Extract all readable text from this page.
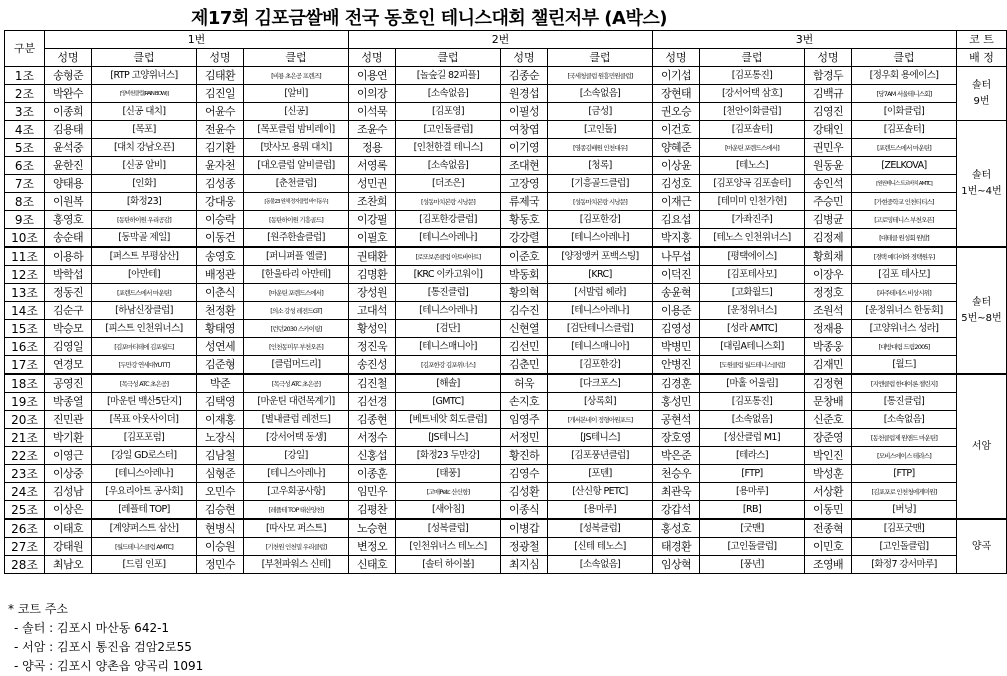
제17회 김포금쌀배 전국 동호인 테니스대회 챌린저부 (A박스)
구분	1번				2번				3번				코 트
	성명	클럽	성명	클럽	성명	클럽	성명	클럽	성명	클럽	성명	클럽	배 정
1조	송형준	[RTP 고양위너스]	김태환	[비룡 초은공 프렌즈]	이용연	[놀숲길 82피플]	김종순	[국세청클럽 원흥민원클럽]	이기섭	[김포통진]	함경두	[정우회 용에이스]	솔터
9번
2조	박완수	[양비원클럽(RAIN BOW)]	김진일	[알비]	이의장	[소속없음]	원경섭	[소속없음]	장현태	[강서어택 삼호]	김백규	[당7AM 서울테니스회]	
3조	이종희	[신공 대치]	어윤수	[신공]	이석묵	[김포영]	이필성	[금성]	권오승	[천안이화클럽]	김영진	[이화클럽]	
4조	김용태	[목포]	전윤수	[목포클럽 밤비레이]	조윤수	[고인돌클럽]	여창엽	[고인돌]	이건호	[김포솔터]	강태인	[김포솔터]	솔터
1번~4번
5조	윤석중	[대치 강남오픈]	김기환	[맛사모 용뭐 대치]	정용	[인천한결 테니스]	이기영	[영종김배원 인천대우]	양혜준	[마운틴 포렌드스에서]	권민우	[포렌드스에서 마운틴]	
6조	윤한진	[신공 알비]	윤자천	[대오클럽 알비클럽]	서영록	[소속없음]	조대현	[청록]	이상윤	[테노스]	원동윤	[ZELKOVA]	
7조	양태용	[인화]	김성종	[춘천클럽]	성민권	[더조은]	고장영	[기흥골드클럽]	김성호	[김포양곡 김포솔터]	송인석	[원원테니스 트르바치 AMTC]	
8조	이원복	[화정23]	강대웅	[동물23 원체 정자클럽 바이동우]	조찬희	[성동마치본랑 시낭문]	류제국	[성동마치본랑 시낭문]	이재근	[테미미 인천가현]	주승민	[가현중학교 인천티티스]	
9조	홍영호	[동탄하이원 우리공감]	이승락	[동탄하이원 기흥골드]	이강필	[김포한강클럽]	황동호	[김포한강]	김요섭	[가좌진주]	김병균	[고로밍테니스 부천오픈]	
10조	송순태	[동막골 제일]	이동건	[원주한솔클럽]	이필호	[테니스아레나]	강강렬	[테니스아레나]	박지홍	[테노스 인천위너스]	김정제	[대테클 원성회 원발]	
11조	이용하	[퍼스트 부평삼산]	송영호	[퍼니퍼플 엘클]	권태환	[로또보존클럽 아트바아트]	이준호	[양정앵커 포백스팅]	나무섭	[평택에이스]	황희채	[경택 예다야와 경택원우]	솔터
5번~8번
12조	박학섭	[아만테]	배정관	[한울타리 아만테]	김명환	[KRC 이카고워이]	박동회	[KRC]	이덕진	[김포테사모]	이장우	[김포 테사모]	
13조	정동진	[포렌드스에서 마운틴]	이춘식	[마운틴 포렌드스에서]	장성원	[통진클럽]	황의혁	[서발럽 헤라]	송윤혁	[고화월드]	정정호	[파주테네스 비상시위]	
14조	김순구	[하남신장클럽]	천정환	[의소 강성 레전드GT]	고대석	[테니스아레나]	김수진	[테니스아레나]	이용준	[운정위너스]	조원석	[운정위너스 한동회]	
15조	박승모	[피스트 인천위너스]	황태영	[런던2030 스카이링]	황성익	[검단]	신현열	[검단테니스클럽]	김영성	[성라 AMTC]	정재용	[고양위너스 성라]	
16조	김영일	[김포마티테에 김포월드]	성연세	[인천동미무 부천오픈]	정진욱	[테니스매니아]	김선민	[테니스매니아]	박병민	[대림A테니스회]	박종웅	[대방대림 드림2005]	
17조	연경모	[두만강 연세대YUTT]	김준형	[클럽머드리]	송진성	[김포한강 김포위너스]	김춘민	[김포한강]	안병진	[도원클럽 월드테니스클럽]	김재민	[월드]	
18조	공영진	[목극성 ATC 초은공]	박준	[목극성 ATC 초은공]	김진철	[해솔]	허욱	[다크포스]	김경훈	[마홀 어울림]	김정현	[지엔클럽 한대이론 챌린지]	서암
19조	박종열	[마운틴 백산5단지]	김택영	[마운틴 대련목계기]	김선경	[GMTC]	손지호	[상록회]	홍성민	[김포통진]	문창배	[통진클럽]	
20조	진민관	[목표 아웃사이더]	이재홍	[별내클럽 레전드]	김종현	[베트네앗 회도클럽]	임영주	[개서본네이 정형아원포드]	공현석	[소속없음]	신준호	[소속없음]	
21조	박기환	[김포포럼]	노장식	[강서어택 동생]	서정수	[JS테니스]	서정민	[JS테니스]	장호영	[성산클럽 M1]	장준영	[동천클럽제 원앤드 마운틴]	
22조	이영근	[강일 GD로스터]	김남철	[강일]	신홍섭	[화정23 두만강]	황진하	[김포풍년클럽]	박은준	[테라스]	박인진	[모비스에이스 테라스]	
23조	이상중	[테니스아레나]	심형준	[테니스아레나]	이종훈	[태풍]	김영수	[포텐]	천승우	[FTP]	박성훈	[FTP]	
24조	김성남	[우요리아트 공사회]	오민수	[고우회공사항]	임민우	[고매Petc 산신항]	김성환	[산신항 PETC]	최관욱	[용마루]	서상환	[김포포로 인천청에게미원]	
25조	이상은	[레플테 TOP]	김승현	[레플테 TOP 태산양천]	김평찬	[새아침]	이종식	[용마루]	강갑석	[RB]	이동민	[버닝]	
26조	이태호	[계양퍼스트 삼산]	현병식	[따사모 퍼스트]	노승현	[성복클럽]	이병갑	[성복클럽]	홍성호	[굿맨]	전종혁	[김포굿맨]	양곡
27조	강태원	[월드테니스클럽 AMTC]	이승원	[기천원 인천밀 우리클럽]	변정오	[인천위너스 테노스]	정광철	[신테 테노스]	태경환	[고인돌클럽]	이민호	[고인돌클럽]	
28조	최남오	[드림 인포]	정민수	[부천파워스 신테]	신태호	[솔터 하이볼]	최지심	[소속없음]	임상혁	[풍년]	조영배	[화정7 강서마루]	
* 코트 주소
- 솔터 : 김포시 마산동 642-1
- 서암 : 김포시 통진읍 검암2로55
- 양곡 : 김포시 양촌읍 양곡리 1091
